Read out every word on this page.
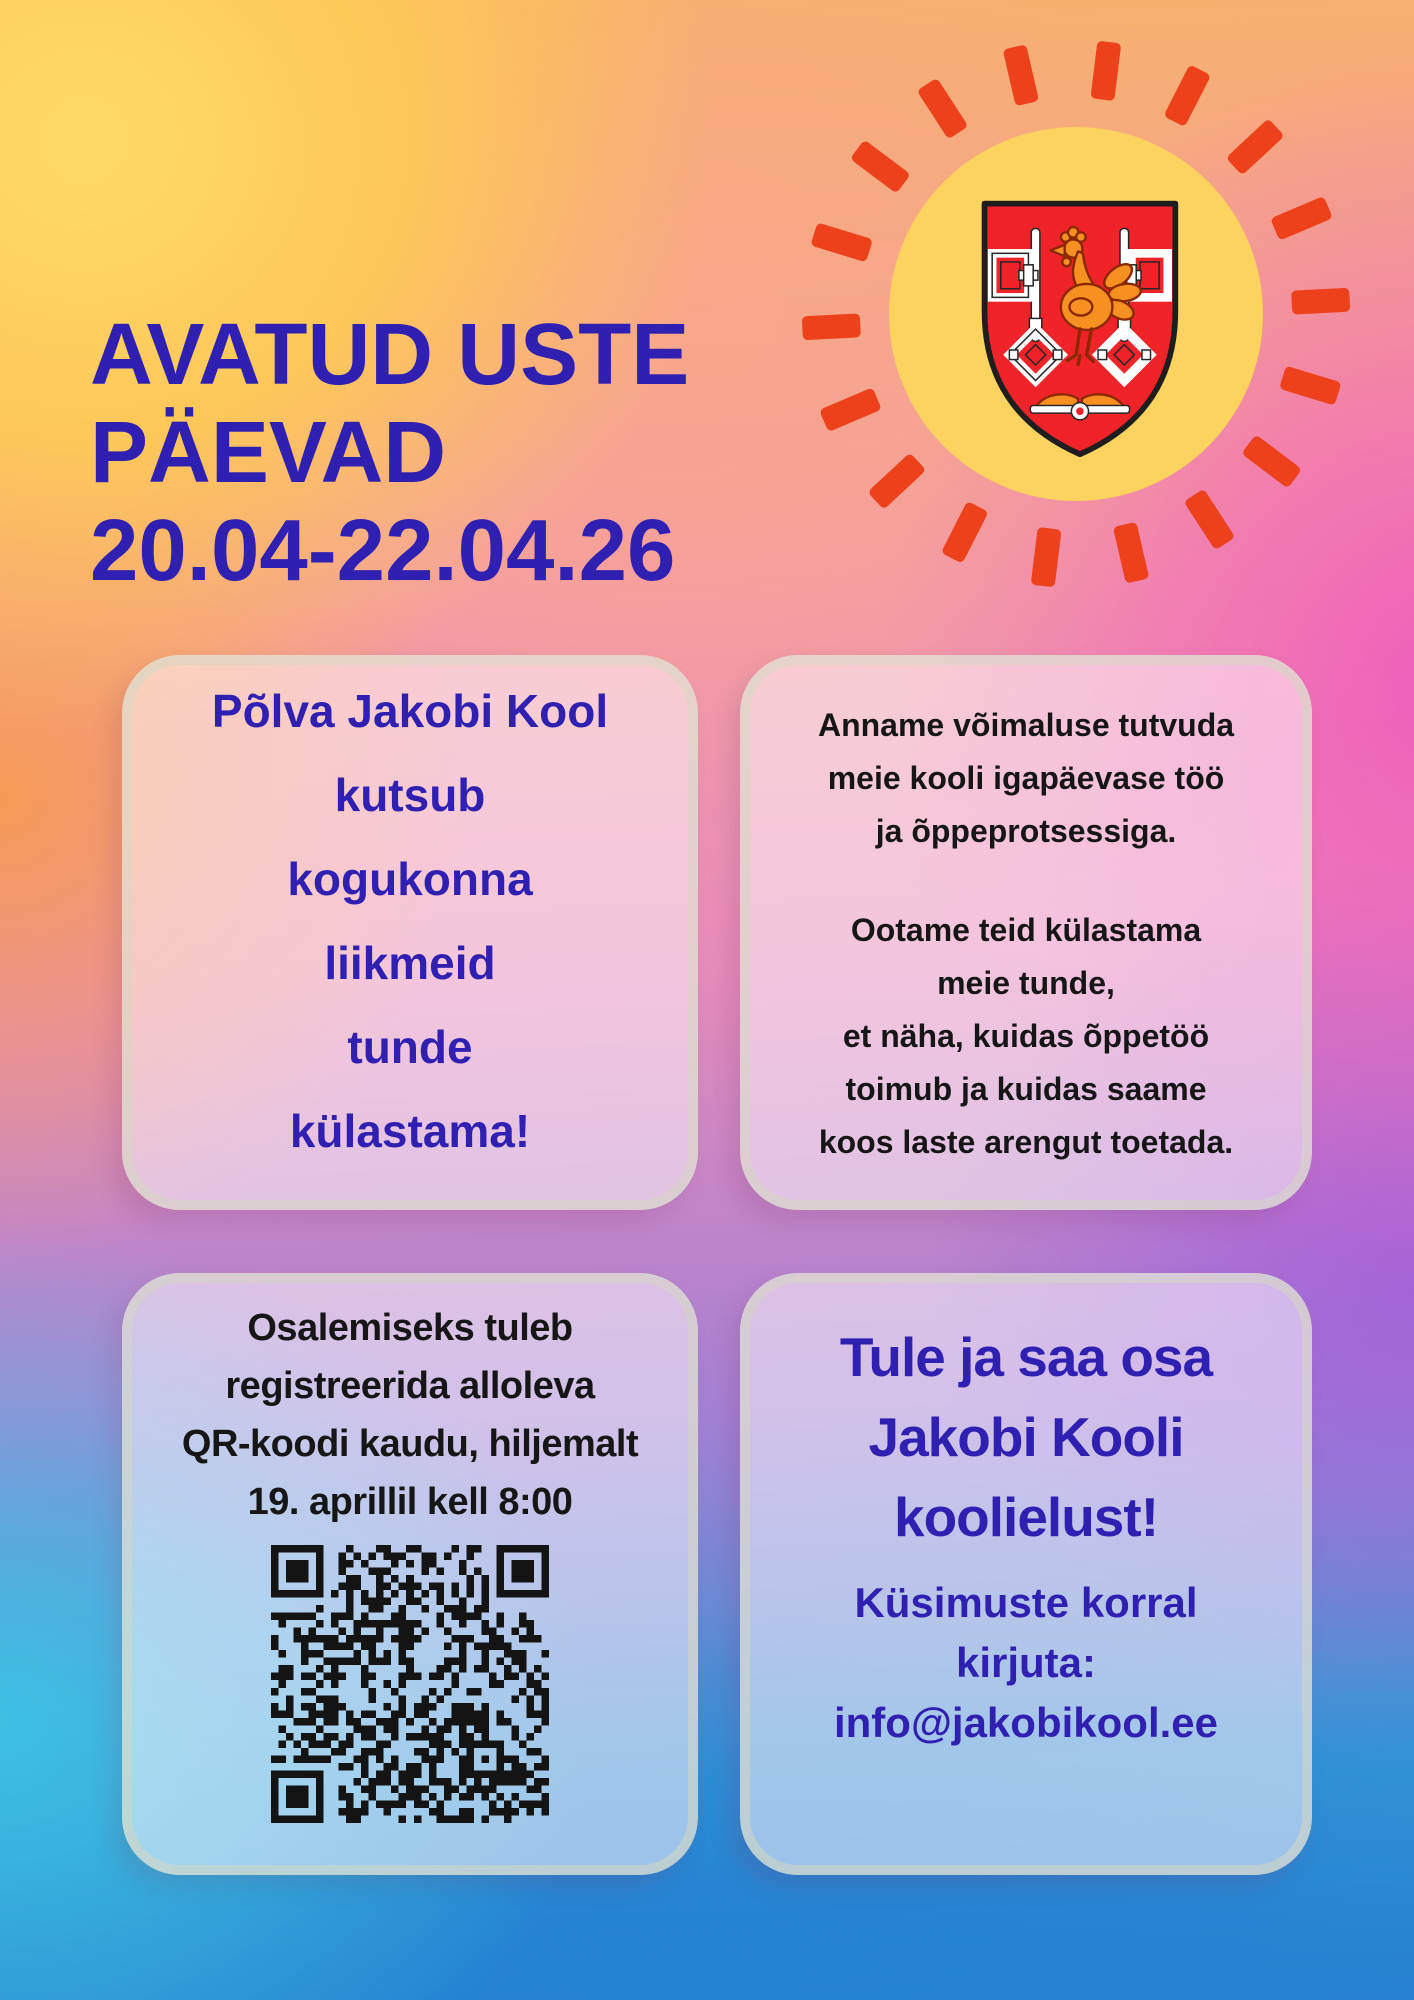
AVATUD USTE
PÄEVAD
20.04-22.04.26
Põlva Jakobi Kool
kutsub
kogukonna
liikmeid
tunde
külastama!
Anname võimaluse tutvuda
meie kooli igapäevase töö
ja õppeprotsessiga.
Ootame teid külastama
meie tunde,
et näha, kuidas õppetöö
toimub ja kuidas saame
koos laste arengut toetada.
Osalemiseks tuleb
registreerida alloleva
QR-koodi kaudu, hiljemalt
19. aprillil kell 8:00
Tule ja saa osa
Jakobi Kooli
koolielust!
Küsimuste korral
kirjuta:
info@jakobikool.ee
